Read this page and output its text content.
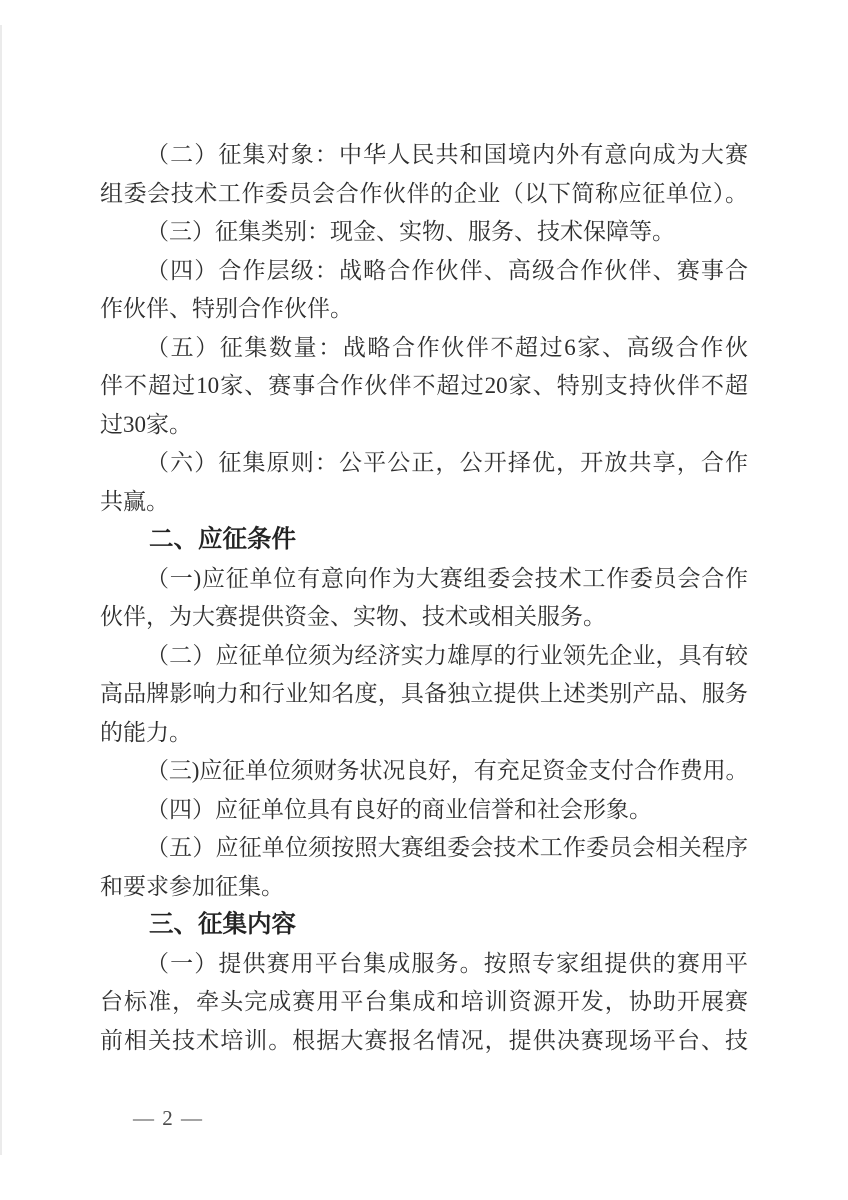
（二）征集对象：中华人民共和国境内外有意向成为大赛
组委会技术工作委员会合作伙伴的企业（以下简称应征单位）。
（三）征集类别：现金、实物、服务、技术保障等。
（四）合作层级：战略合作伙伴、高级合作伙伴、赛事合
作伙伴、特别合作伙伴。
（五）征集数量：战略合作伙伴不超过6家、高级合作伙
伴不超过10家、赛事合作伙伴不超过20家、特别支持伙伴不超
过30家。
（六）征集原则：公平公正，公开择优，开放共享，合作
共赢。
二、应征条件
（一)应征单位有意向作为大赛组委会技术工作委员会合作
伙伴，为大赛提供资金、实物、技术或相关服务。
（二）应征单位须为经济实力雄厚的行业领先企业，具有较
高品牌影响力和行业知名度，具备独立提供上述类别产品、服务
的能力。
（三)应征单位须财务状况良好，有充足资金支付合作费用。
（四）应征单位具有良好的商业信誉和社会形象。
（五）应征单位须按照大赛组委会技术工作委员会相关程序
和要求参加征集。
三、征集内容
（一）提供赛用平台集成服务。按照专家组提供的赛用平
台标准，牵头完成赛用平台集成和培训资源开发，协助开展赛
前相关技术培训。根据大赛报名情况，提供决赛现场平台、技
— 2 —
